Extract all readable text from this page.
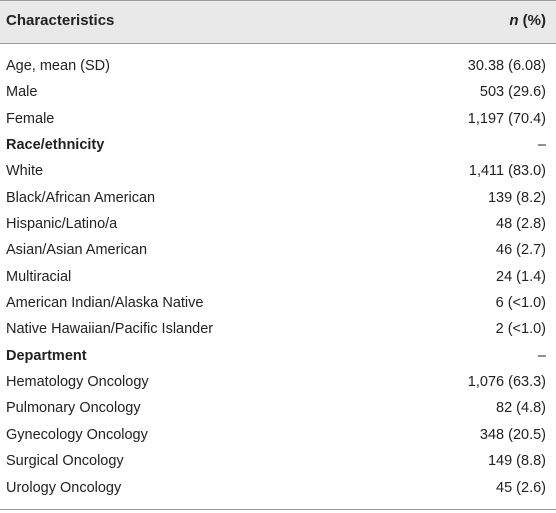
Characteristics	n (%)
Age, mean (SD)	30.38 (6.08)
Male	503 (29.6)
Female	1,197 (70.4)
Race/ethnicity	–
White	1,411 (83.0)
Black/African American	139 (8.2)
Hispanic/Latino/a	48 (2.8)
Asian/Asian American	46 (2.7)
Multiracial	24 (1.4)
American Indian/Alaska Native	6 (<1.0)
Native Hawaiian/Pacific Islander	2 (<1.0)
Department	–
Hematology Oncology	1,076 (63.3)
Pulmonary Oncology	82 (4.8)
Gynecology Oncology	348 (20.5)
Surgical Oncology	149 (8.8)
Urology Oncology	45 (2.6)
